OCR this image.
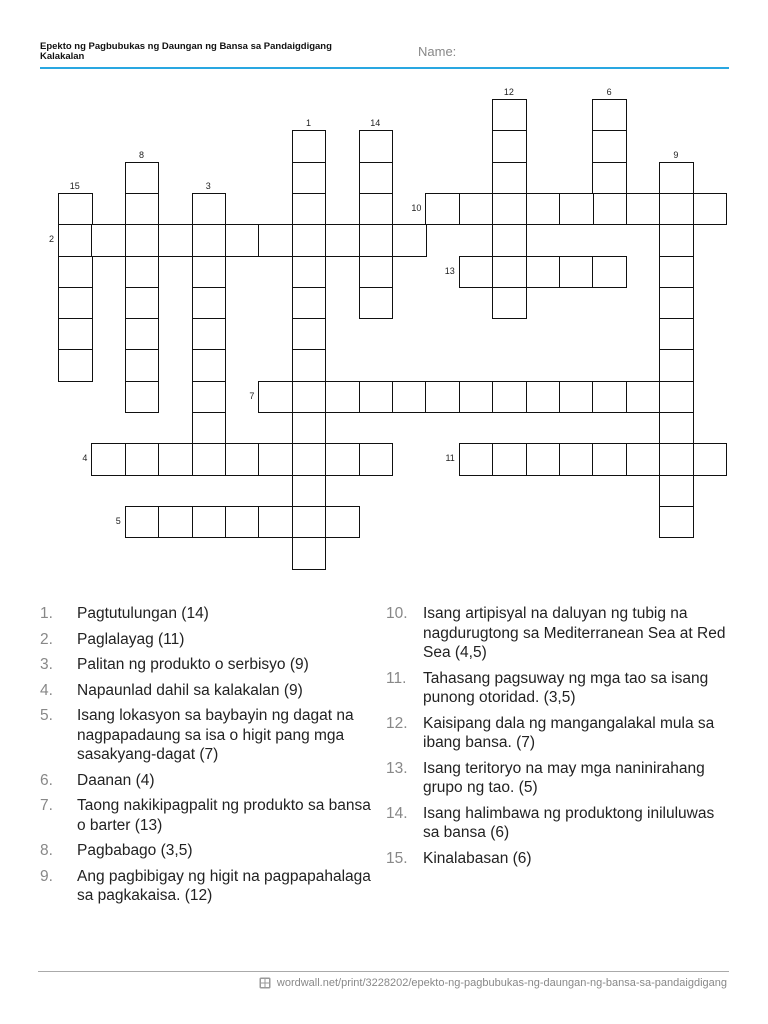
Epekto ng Pagbubukas ng Daungan ng Bansa sa Pandaigdigang Kalakalan	Name:
1
2
3
4
5
6
7
8	9
10
11
12
13
14
15
1.	Pagtutulungan (14)
2.	Paglalayag (11)
3.	Palitan ng produkto o serbisyo (9)
4.	Napaunlad dahil sa kalakalan (9)
5.	Isang lokasyon sa baybayin ng dagat na nagpapadaung sa isa o higit pang mga sasakyang-dagat (7)
6.	Daanan (4)
7.	Taong nakikipagpalit ng produkto sa bansa o barter (13)
8.	Pagbabago (3,5)
9.	Ang pagbibigay ng higit na pagpapahalaga sa pagkakaisa. (12)
10. Isang artipisyal na daluyan ng tubig na nagdurugtong sa Mediterranean Sea at Red Sea (4,5)
11.	Tahasang pagsuway ng mga tao sa isang punong otoridad. (3,5)
12. Kaisipang dala ng mangangalakal mula sa ibang bansa. (7)
13. Isang teritoryo na may mga naninirahang grupo ng tao. (5)
14. Isang halimbawa ng produktong iniluluwas sa bansa (6)
15. Kinalabasan (6)
wordwall.net/print/3228202/epekto-ng-pagbubukas-ng-daungan-ng-bansa-sa-pandaigdigang
